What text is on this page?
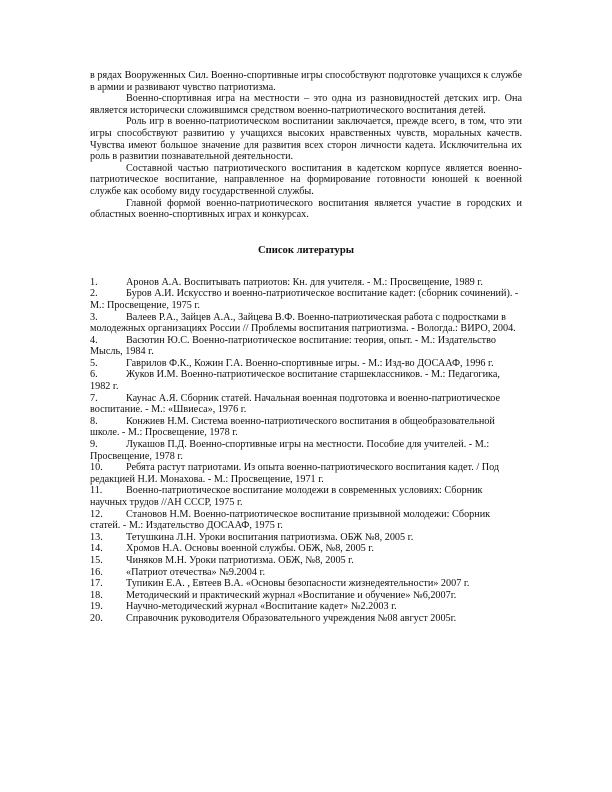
в рядах Вооруженных Сил. Военно-спортивные игры способствуют подготовке учащихся к службе в армии и развивают чувство патриотизма.

Военно-спортивная игра на местности – это одна из разновидностей детских игр. Она является исторически сложившимся средством военно-патриотического воспитания детей.

Роль игр в военно-патриотическом воспитании заключается, прежде всего, в том, что эти игры способствуют развитию у учащихся высоких нравственных чувств, моральных качеств. Чувства имеют большое значение для развития всех сторон личности кадета. Исключительна их роль в развитии познавательной деятельности.

Составной частью патриотического воспитания в кадетском корпусе является военно-патриотическое воспитание, направленное на формирование готовности юношей к военной службе как особому виду государственной службы.

Главной формой военно-патриотического воспитания является участие в городских и областных военно-спортивных играх и конкурсах.

Список литературы
1.	Аронов А.А. Воспитывать патриотов: Кн. для учителя. - М.: Просвещение, 1989 г.
2.	Буров А.И. Искусство и военно-патриотическое воспитание кадет: (сборник сочинений). - М.: Просвещение, 1975 г.
3.	Валеев Р.А., Зайцев А.А., Зайцева В.Ф. Военно-патриотическая работа с подростками в молодежных организациях России // Проблемы воспитания патриотизма. - Вологда.: ВИРО, 2004.
4.	Васютин Ю.С. Военно-патриотическое воспитание: теория, опыт. - М.: Издательство Мысль, 1984 г.
5.	Гаврилов Ф.К., Кожин Г.А. Военно-спортивные игры. - М.: Изд-во ДОСААФ, 1996 г.
6.	Жуков И.М. Военно-патриотическое воспитание старшеклассников. - М.: Педагогика, 1982 г.
7.	Каунас А.Я. Сборник статей. Начальная военная подготовка и военно-патриотическое воспитание. - М.: «Швиеса», 1976 г.
8.	Конжиев Н.М. Система военно-патриотического воспитания в общеобразовательной школе. - М.: Просвещение, 1978 г.
9.	Лукашов П.Д. Военно-спортивные игры на местности. Пособие для учителей. - М.: Просвещение, 1978 г.
10. Ребята растут патриотами. Из опыта военно-патриотического воспитания кадет. / Под редакцией Н.И. Монахова. - М.: Просвещение, 1971 г.
11. Военно-патриотическое воспитание молодежи в современных условиях: Сборник научных трудов //АН СССР, 1975 г.
12. Становов Н.М. Военно-патриотическое воспитание призывной молодежи: Сборник статей. - М.: Издательство ДОСААФ, 1975 г.
13. Тетушкина Л.Н. Уроки воспитания патриотизма. ОБЖ №8, 2005 г.
14. Хромов Н.А. Основы военной службы. ОБЖ, №8, 2005 г.
15. Чиняков М.Н. Уроки патриотизма. ОБЖ, №8, 2005 г.
16. «Патриот отечества» №9.2004 г.
17. Тупикин Е.А. , Евтеев В.А. «Основы безопасности жизнедеятельности» 2007 г.
18. Методический и практический журнал «Воспитание и обучение» №6,2007г.
19. Научно-методический журнал «Воспитание кадет» №2.2003 г.
20. Справочник руководителя Образовательного учреждения №08 август 2005г.
